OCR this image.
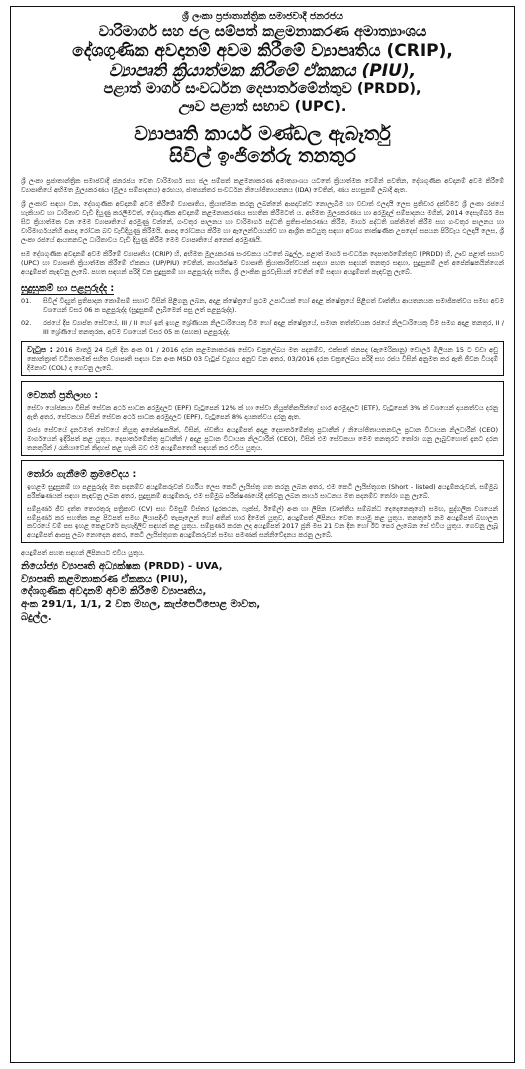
ශ්‍රී ලංකා ප්‍රජාතාන්ත්‍රික සමාජවාදී ජනරජය
වාරිමාර්ග සහ ජල සම්පත් කළමනාකරණ අමාත්‍යාංශය
දේශගුණික අවදානම් අවම කිරීමේ ව්‍යාපෘතිය (CRIP),
ව්‍යාපෘති ක්‍රියාත්මක කිරීමේ ඒකකය (PIU),
පළාත් මාර්ග සංවර්ධන දෙපාර්තමේන්තුව (PRDD),
ඌව පළාත් සභාව (UPC).
ව්‍යාපෘති කාර්ය මණ්ඩල ඇබෑර්තු
සිවිල් ඉංජිනේරු තනතුර

ශ්‍රී ලංකා ප්‍රජාතාන්ත්‍රික සමාජවාදී ජනරජය වෙත වාරිමාර්ග සහ ජල සම්පත් කළමනාකරණ අමාත්‍යාංශය යටතේ ක්‍රියාත්මක වෙමින් පවතින, දේශගුණික අවදානම් අවම කිරීමේ ව්‍යාපෘතියේ අභිමත මූල්‍යකරණය (මූල්‍ය සම්පාදනය) අරභයා, ජාත්‍යන්තර සංවර්ධන නියෝජිතායතනය (IDA) වෙතින්, ණය පහසුකම් ලබාදී ඇත.

ශ්‍රී ලංකාව සඳහා වන, දේශගුණික අවදානම් අවම කිරීමේ ව්‍යාපෘතිය, ක්‍රියාත්මක කරනු ලබන්නේ ආපදාවන්ට නොලැබීම හා වඩාත් ඵලදායී ලෙස ප්‍රතිචාර දක්වීමට ශ්‍රී ලංකා රජයේ හැකියාව හා ධාරිතාව වැඩි දියුණු කරලීමටත්, දේශගුණික අවදානම් කළමනාකරණය සහතික කිරීමටත් ය. අභිමත මූල්‍යකරණය හා අරමුදල් සම්පාදනය මගින්, 2014 දෙසැම්බර් මස සිට ක්‍රියාත්මක වන මෙම ව්‍යාපෘතියේ අරමුණු වන්නේ, ගංවතුර පාලනය හා වාරිමාර්ග පද්ධති ප්‍රතිසංස්කරණය කිරීම, මාර්ග පද්ධති ශක්තිමත් කිරීම සහ ගංවතුර පාලනය හා වාරිමාර්ගයන්හි ආපදා රෝධක බව වැඩිදියුණු කිරීමයි. ආපදා රෝධකය කිරීම හා ඇලෙන්වියයන්ව හා ආශ්‍රිත කටයුතු සඳහා අවශ්‍ය තාක්ෂණික උපදෙස් සපයන පිරිවැය ඵලදායී ලෙස, ශ්‍රී ලංකා රජයේ ආයතනවල ධාරිතාවය වැඩි දියුණු කිරීම මෙම ව්‍යාපෘතියේ අනෙක් අරමුණයි.

සම දේශගුණික අවදානම් අවම කිරීමේ ව්‍යාපෘතිය (CRIP) හි, අභිමත මූල්‍යකරණ සංරචකය යටතේ බදුල්ල, පළාත් මාර්ග සංවර්ධන දෙපාර්තමේන්තුව (PRDD) හි, ඌව පළාත් සභාව (UPC) හා ව්‍යාපෘති ක්‍රියාත්මක කිරීමේ ඒකකය (UP/PIU) වෙතින්, කාර්යක්ෂම ව්‍යාපෘති ක්‍රියාකාරිත්වයක් සඳහා පහත සඳහන් තනතුර සඳහා, සුදුසුකම් ලත් අපේක්ෂකයින්ගෙන් අයදුම්පත් කැඳවනු ලැබේ. පහත සඳහන් පරිදි වන සුදුසුකම් හා පළපුරුද්ද සහිත, ශ්‍රී ලාංකික පුරවැසියන් වෙතින් මේ සඳහා අයදුම්පත් කැඳවනු ලැබේ.

සුදුසුකම් හා පළපුරුද්ද :
01.	සිවිල් විද්‍යුත් ප්‍රතිපාදන කොමිසම් සභාව විසින් පිළිගනු ලබන, අදාළ ක්ෂේත්‍රයේ ප්‍රථම උපාධියක් හෝ අදාළ ක්ෂේත්‍රයේ පිළිගත් වෘත්තීය ආයතනයක සමාජිකත්වය සමඟ අවම වශයෙන් වසර 06 ක පළපුරුද්ද (සුදුසුකම් ලැබීමෙන් පසු ලත් පළපුරුද්ද).
02.	රජයේ දීප ව්‍යාප්ත සේවයේ, III / II හෝ ඉන් ඉහළ ශ්‍රේණියක නිලධාරියෙකු වීම හෝ අදාළ ක්ෂේත්‍රයේ, සමාන තත්ත්වයක රජයේ නිලධාරියෙකු වීම සමග අදාළ තනතුර, II / III ශ්‍රේණියේ තනතුරක, අවම වශයෙන් වසර 05 ක (පහක) පළපුරුද්ද.
වැටුප : 2016 මාර්තු 24 වැනි දින අංක 01 / 2016 දරන කළමනාකරණ සේවා චක්‍රලේඛය මත පදනම්ව, එක්සත් ජනපද (ඇමෙරිකානු) ඩොලර් මිලියන 15 ට වඩා අඩු කොන්ත්‍රාත් වටිනාකමක් සහිත ව්‍යාපෘති සඳහා වන අංක MSD 03 වැටුප් ව්‍යුහය අනුව වන අතර, 03/2016 දරන චක්‍රලේඛය පරිදි සහ රජය විසින් අනුමත කර ඇති ජීවන වියදම් දීමනාව (COL) ද ගෙවනු ලැබේ.
වෙනත් ප්‍රතිලාභ :

සේවා යෝජකයා විසින් සේවක අර්ථ සාධක අරමුදලට (EPF) වැටුපෙන් 12% ක් හා සේවා නියුක්තිකයින්ගේ භාර අරමුදලට (ETF), වැටුපෙන් 3% ක් වශයෙන් දායකත්වය දරනු ඇති අතර, සේවකයා විසින් සේවක අර්ථ සාධක අරමුදලට (EPF), වැටුපෙන් 8% දායකත්වය දරනු ඇත.

රාජ්‍ය සේවයේ දැනටමත් සේවයේ නියුතු අපේක්ෂකයින්, විසින්, ස්වකීය අයදුම්පත් අදාළ දෙපාර්තමේන්තු ප්‍රධානීන් / නියෝජිතායතනවල ප්‍රධාන විධායක නිලධාරීන් (CEO) මාර්ගයෙන් ඉදිරිපත් කළ යුතුය. දෙපාර්තමේන්තු ප්‍රධානීන් / අදාළ ප්‍රධාන විධායක නිලධාරීන් (CEO), විසින් එම සේවකයා මෙම තනතුරට තෝරා ගනු ලැබුවහොත් දැනට දරන තනතුරින් / රැකියාවෙන් නිදහස් කළ හැකි බව එම අයදුම්පතෙහි සඳහන් කර එවිය යුතුය.

තෝරා ගැනීමේ ක්‍රමවේදය :

ඉහළම සුදුසුකම් හා පළපුරුද්ද මත පදනම්ව අයදුම්කරුවන් වර්ගීය ලෙස කෙටි ලැයිස්තු ගත කරනු ලබන අතර, එම කෙටි ලැයිස්තුගත (Short - listed) අයදුම්කරුවන්, සම්මුඛ පරීක්ෂණයක් සඳහා කැඳවනු ලබන අතර, සුදුසුකම් අයදුම්කරු, එම සම්මුඛ පරීක්ෂණයේදී දක්වනු ලබන කාර්ය සාධනය මත පදනම්ව තෝරා ගනු ලැබේ.

සම්පූර්ණ ජීව දත්ත තොරතුරු පත්‍රිකාව (CV) සහ විමසුම් විස්තර (දුරකථන, ෆැක්ස්, ඊමේල්) අංක හා ලිපින (වෘත්තීය සම්බන්ධ දෙදෙනෙකුගේ) සමඟ, පුද්ගලික වශයෙන් සම්පූර්ණ කර සහතික කළ පිටපත් සමඟ ලියාපදිංචි තැපෑලෙන් හෝ අතින් භාර දීමෙන් යුතුව, අයදුම්පත් ලිපිනය වෙත යොමු කළ යුතුය. තනතුරේ නම අයදුම්පත් බහාලන කවරයේ වම් පස ඉහළ කෙළවරේ පැහැදිලිව සඳහන් කළ යුතුය. සම්පූර්ණ කරන ලද අයදුම්පත් 2017 ජූනි මස 21 වන දින හෝ ඊට පෙර ලැබෙන සේ එවිය යුතුය. ගෙවනු ලැබූ අයදුම්පත් ආපසු ලබා නොදෙන අතර, කෙටි ලැයිස්තුගත අයදුම්කරුවන් සමඟ පමණක් සන්නිවේදනය කරනු ලැබේ.

අයදුම්පත් පහත සඳහන් ලිපිනයට එවිය යුතුය.
නියෝජ්‍ය ව්‍යාපෘති අධ්‍යක්ෂක (PRDD) - UVA,
ව්‍යාපෘති කළමනාකරණ ඒකකය (PIU),
දේශගුණික අවදානම් අවම කිරීමේ ව්‍යාපෘතිය,
අංක 291/1, 1/1, 2 වන මහල, කැප්පෙටිපොළ මාවත,
බදුල්ල.
